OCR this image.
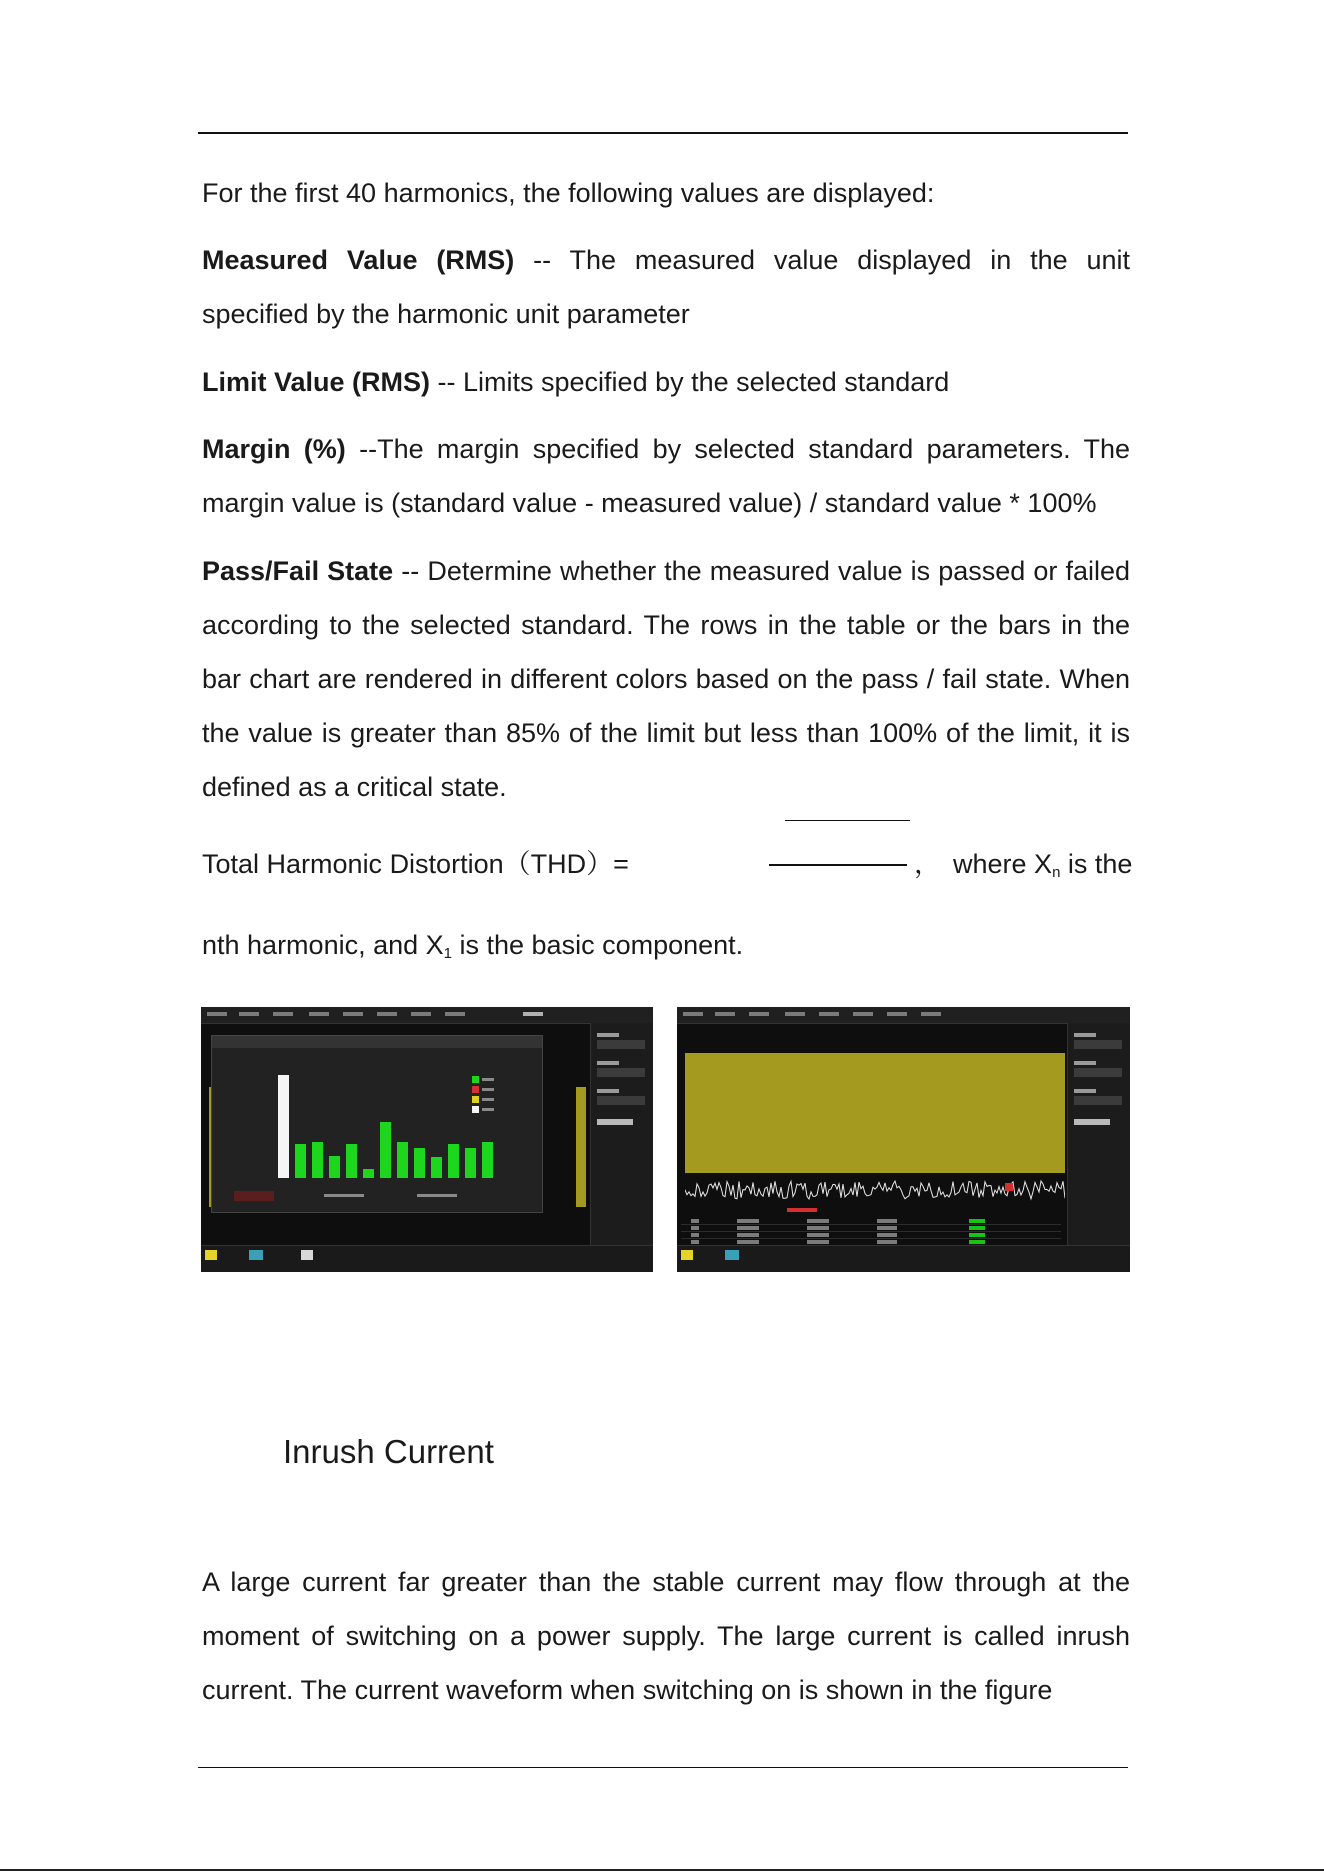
For the first 40 harmonics, the following values are displayed:

Measured Value (RMS) -- The measured value displayed in the unit specified by the harmonic unit parameter

Limit Value (RMS) -- Limits specified by the selected standard

Margin (%) --The margin specified by selected standard parameters. The margin value is (standard value - measured value) / standard value * 100%

Pass/Fail State -- Determine whether the measured value is passed or failed according to the selected standard. The rows in the table or the bars in the bar chart are rendered in different colors based on the pass / fail state. When the value is greater than 85% of the limit but less than 100% of the limit, it is defined as a critical state.

Total Harmonic Distortion（THD）=	， where $X_n$ is the

nth harmonic, and $X_1$ is the basic component.

Inrush Current

A large current far greater than the stable current may flow through at the moment of switching on a power supply. The large current is called inrush current. The current waveform when switching on is shown in the figure
